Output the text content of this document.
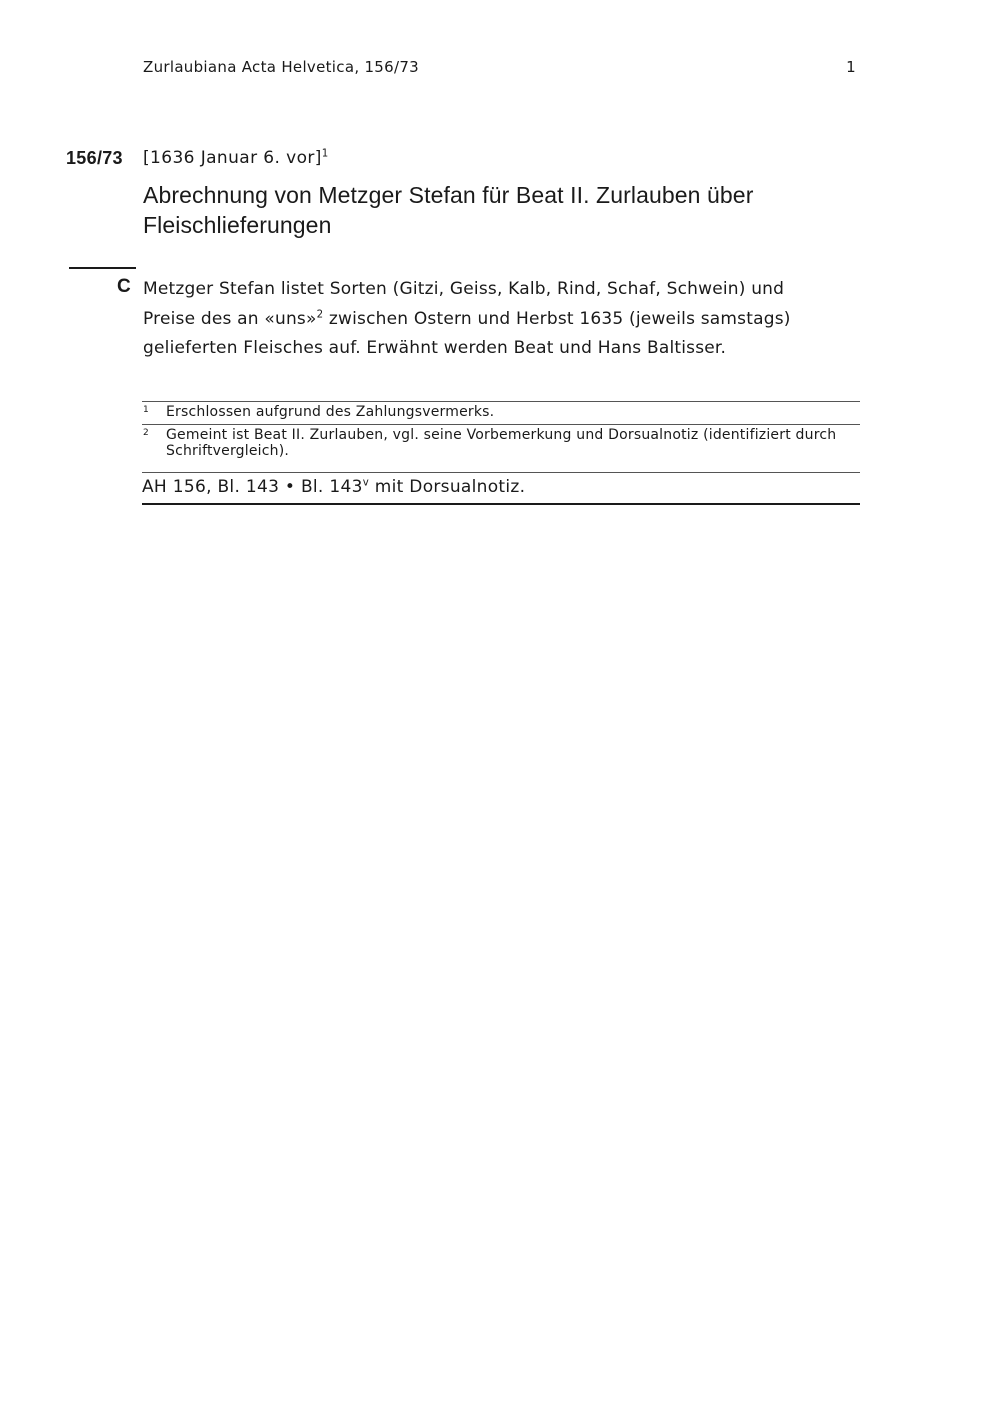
Zurlaubiana Acta Helvetica, 156/73	1
156/73 [1636 Januar 6. vor]$^1$
Abrechnung von Metzger Stefan für Beat II. Zurlauben über
Fleischlieferungen
C Metzger Stefan listet Sorten (Gitzi, Geiss, Kalb, Rind, Schaf, Schwein) und Preise des an «uns»$^2$ zwischen Ostern und Herbst 1635 (jeweils samstags) gelieferten Fleisches auf. Erwähnt werden Beat und Hans Baltisser.

1 Erschlossen aufgrund des Zahlungsvermerks.
2 Gemeint ist Beat II. Zurlauben, vgl. seine Vorbemerkung und Dorsualnotiz (identifiziert durch Schriftvergleich).
AH 156, Bl. 143 • Bl. 143$^v$ mit Dorsualnotiz.
